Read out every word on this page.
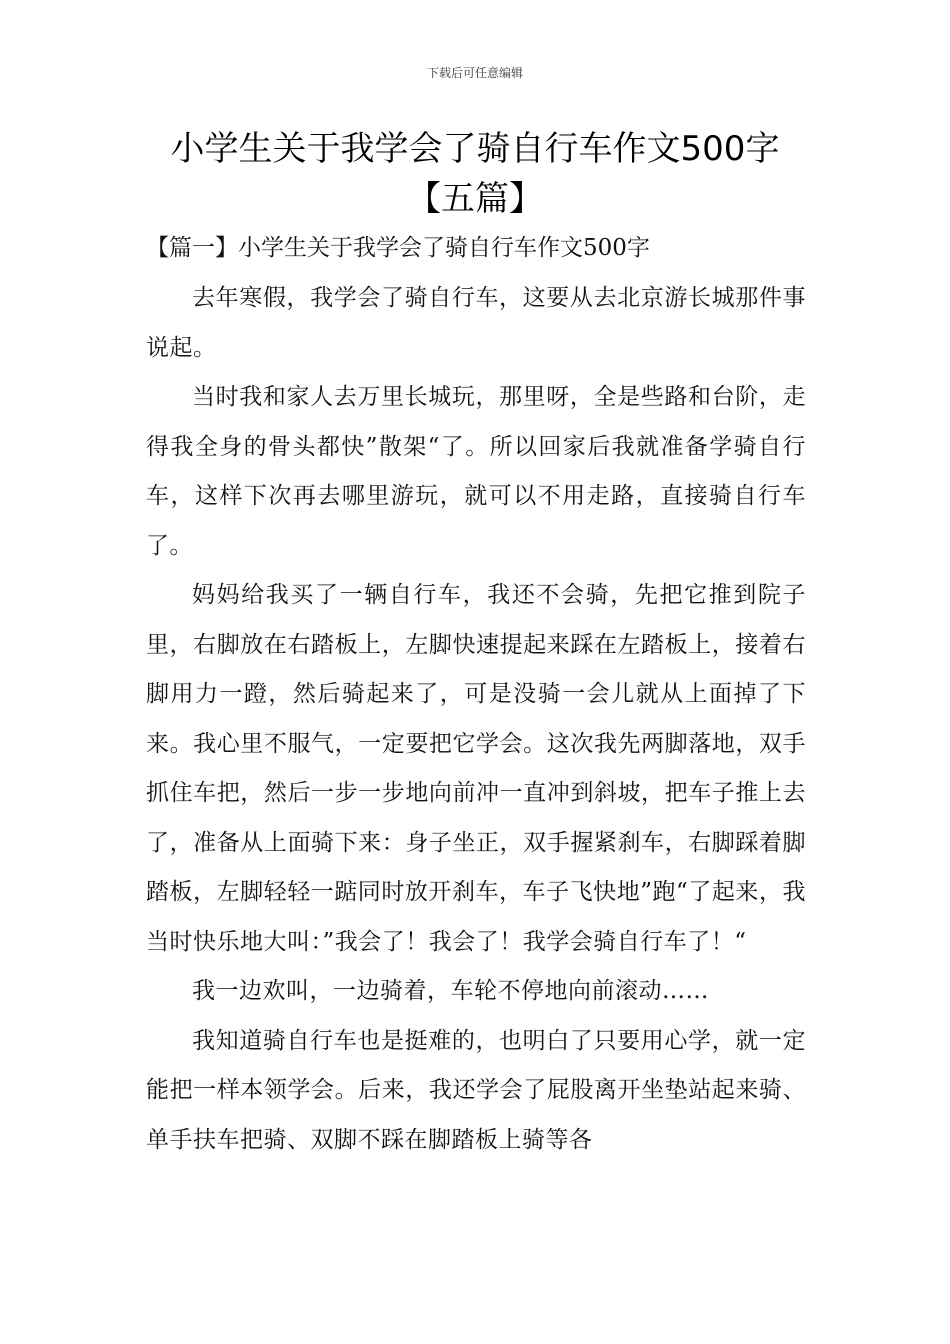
下载后可任意编辑
小学生关于我学会了骑自行车作文500字
【五篇】

【篇一】小学生关于我学会了骑自行车作文500字

去年寒假，我学会了骑自行车，这要从去北京游长城那件事说起。

当时我和家人去万里长城玩，那里呀，全是些路和台阶，走得我全身的骨头都快”散架“了。所以回家后我就准备学骑自行车，这样下次再去哪里游玩，就可以不用走路，直接骑自行车了。

妈妈给我买了一辆自行车，我还不会骑，先把它推到院子里，右脚放在右踏板上，左脚快速提起来踩在左踏板上，接着右脚用力一蹬，然后骑起来了，可是没骑一会儿就从上面掉了下来。我心里不服气，一定要把它学会。这次我先两脚落地，双手抓住车把，然后一步一步地向前冲一直冲到斜坡，把车子推上去了，准备从上面骑下来：身子坐正，双手握紧刹车，右脚踩着脚踏板，左脚轻轻一踮同时放开刹车，车子飞快地”跑“了起来，我当时快乐地大叫：”我会了！我会了！我学会骑自行车了！“

我一边欢叫，一边骑着，车轮不停地向前滚动……

我知道骑自行车也是挺难的，也明白了只要用心学，就一定能把一样本领学会。后来，我还学会了屁股离开坐垫站起来骑、单手扶车把骑、双脚不踩在脚踏板上骑等各
